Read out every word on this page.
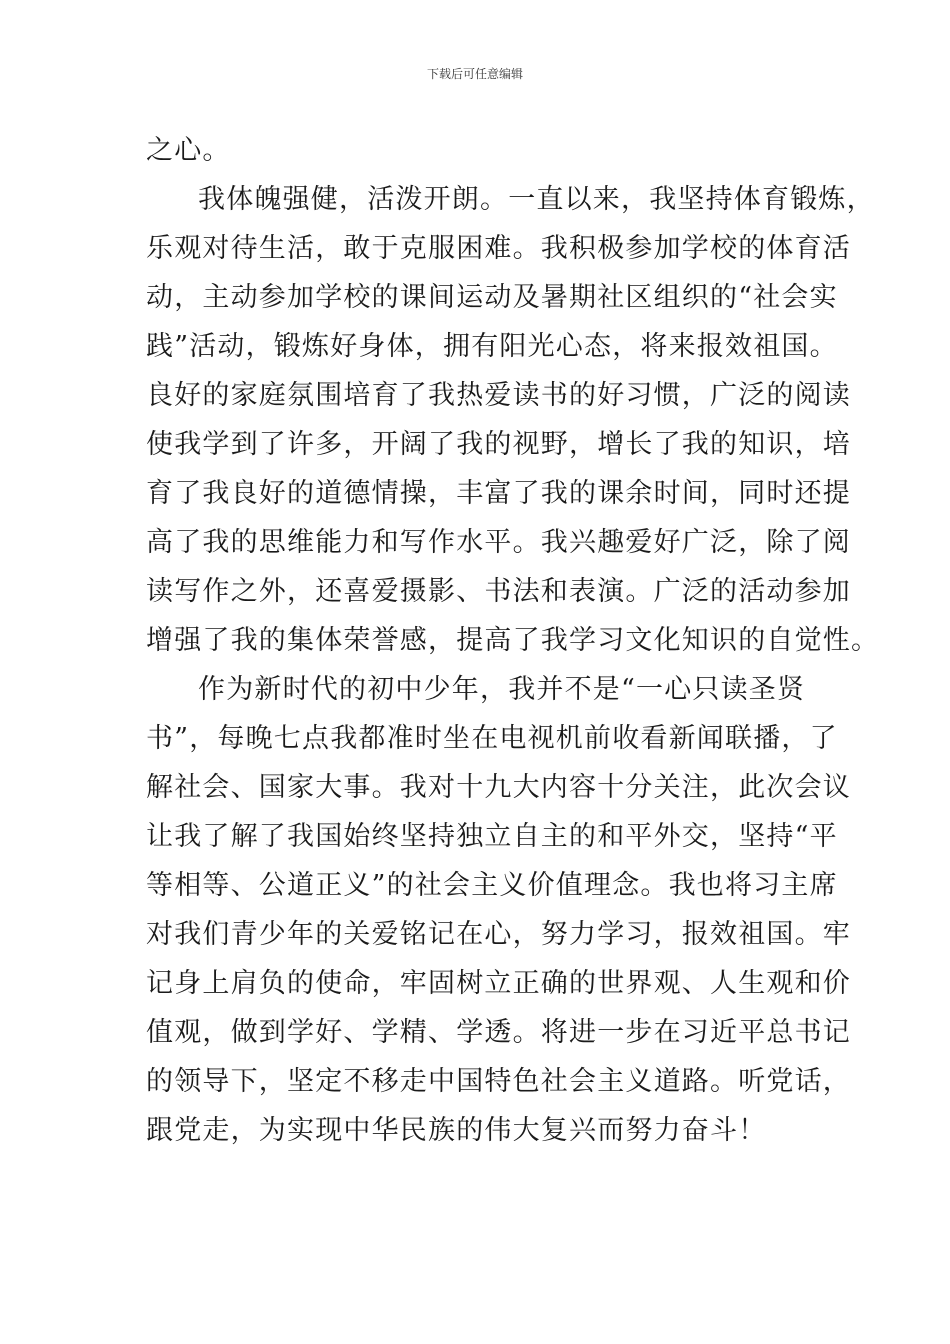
下载后可任意编辑
之心。
我体魄强健，活泼开朗。一直以来，我坚持体育锻炼，
乐观对待生活，敢于克服困难。我积极参加学校的体育活
动，主动参加学校的课间运动及暑期社区组织的“社会实
践”活动，锻炼好身体，拥有阳光心态，将来报效祖国。
良好的家庭氛围培育了我热爱读书的好习惯，广泛的阅读
使我学到了许多，开阔了我的视野，增长了我的知识，培
育了我良好的道德情操，丰富了我的课余时间，同时还提
高了我的思维能力和写作水平。我兴趣爱好广泛，除了阅
读写作之外，还喜爱摄影、书法和表演。广泛的活动参加
增强了我的集体荣誉感，提高了我学习文化知识的自觉性。
作为新时代的初中少年，我并不是“一心只读圣贤
书”，每晚七点我都准时坐在电视机前收看新闻联播，了
解社会、国家大事。我对十九大内容十分关注，此次会议
让我了解了我国始终坚持独立自主的和平外交，坚持“平
等相等、公道正义”的社会主义价值理念。我也将习主席
对我们青少年的关爱铭记在心，努力学习，报效祖国。牢
记身上肩负的使命，牢固树立正确的世界观、人生观和价
值观，做到学好、学精、学透。将进一步在习近平总书记
的领导下，坚定不移走中国特色社会主义道路。听党话，
跟党走，为实现中华民族的伟大复兴而努力奋斗！
